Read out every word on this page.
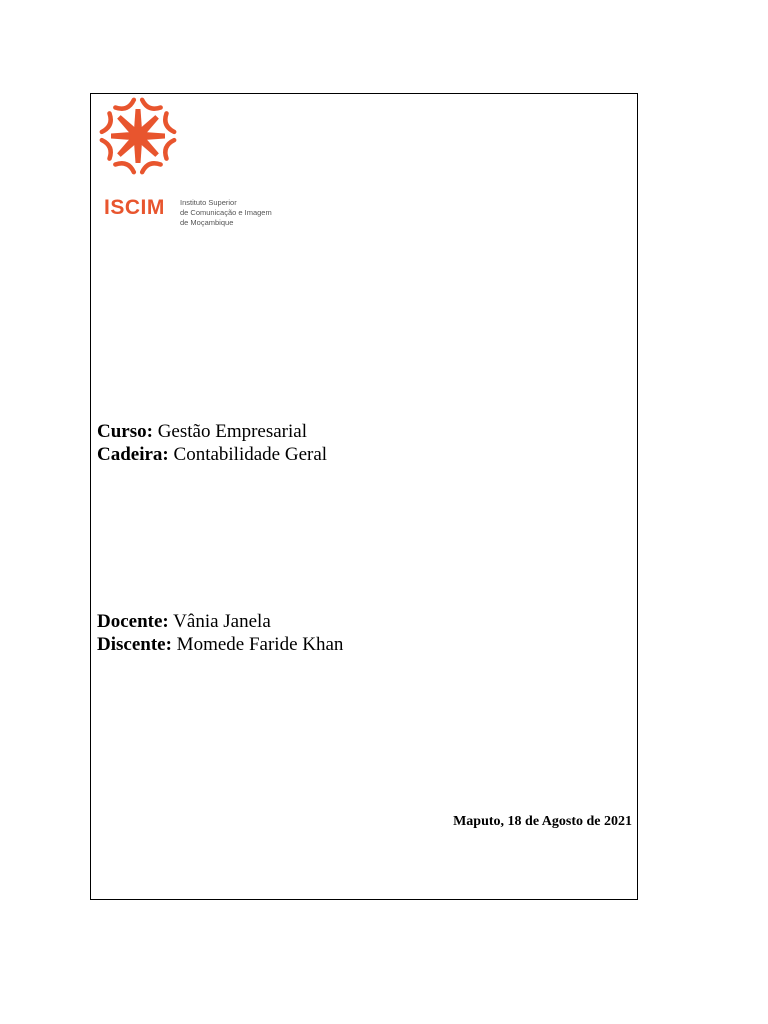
ISCIM Instituto Superior
de Comunicação e Imagem
de Moçambique
Curso: Gestão Empresarial
Cadeira: Contabilidade Geral
Docente: Vânia Janela
Discente: Momede Faride Khan
Maputo, 18 de Agosto de 2021
